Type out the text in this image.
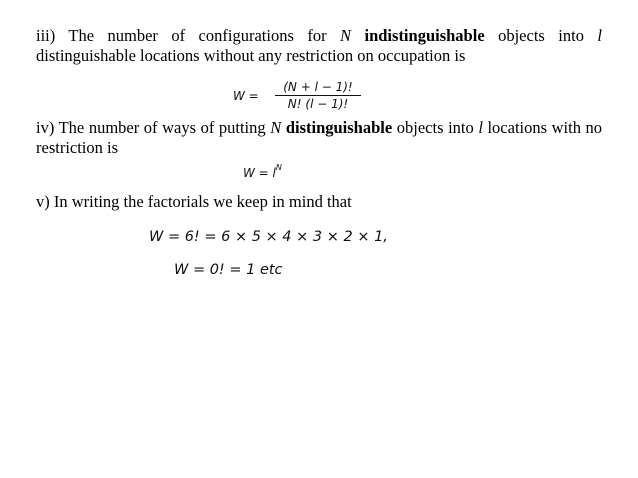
iii) The number of configurations for N indistinguishable objects into l distinguishable locations without any restriction on occupation is
$W = \frac{(N + l - 1)!}{N! (l - 1)!}$
iv) The number of ways of putting N distinguishable objects into l locations with no restriction is
$W = l^N$
v) In writing the factorials we keep in mind that
W = 6! = 6 × 5 × 4 × 3 × 2 × 1,
W = 0! = 1 etc
